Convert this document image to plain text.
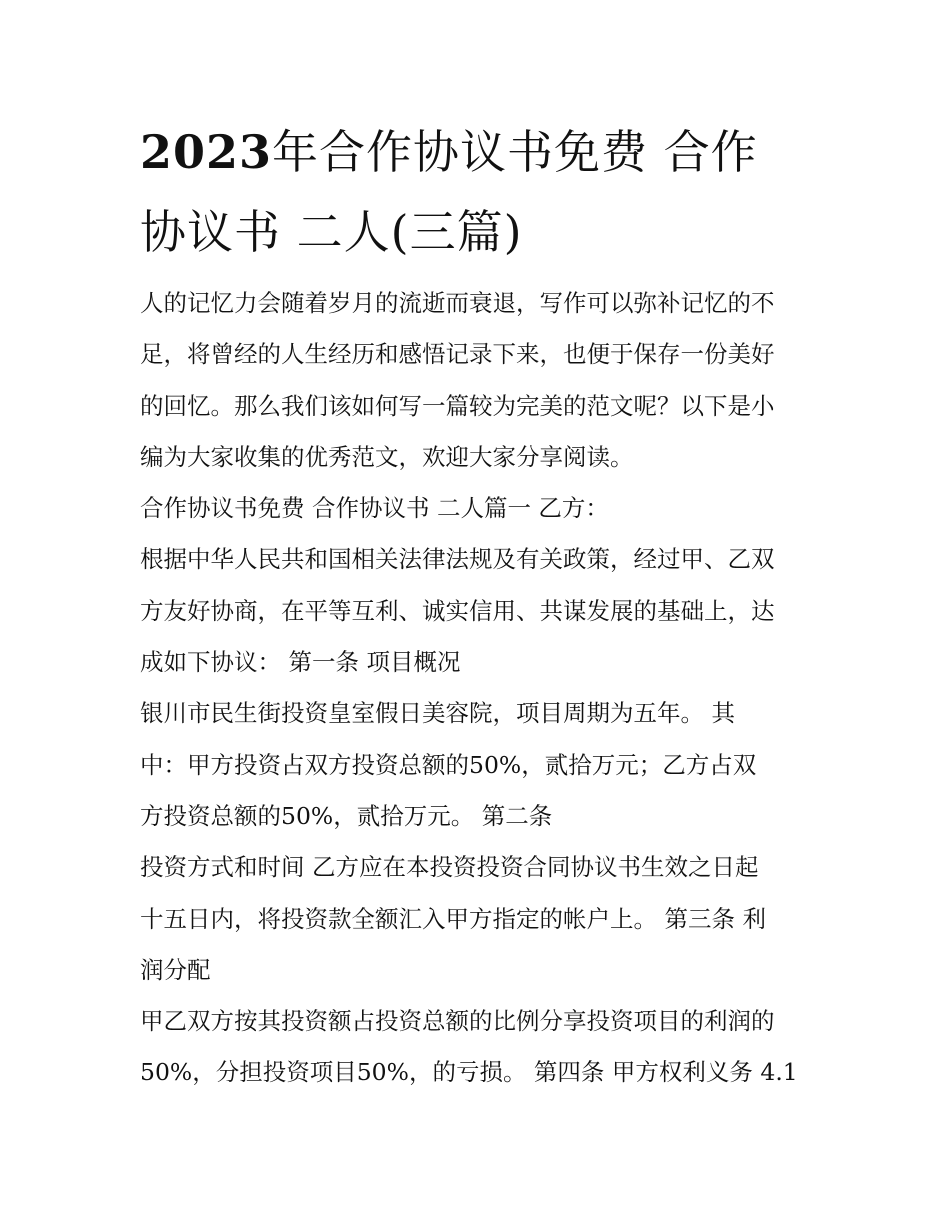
2023年合作协议书免费 合作
协议书 二人(三篇)
人的记忆力会随着岁月的流逝而衰退，写作可以弥补记忆的不
足，将曾经的人生经历和感悟记录下来，也便于保存一份美好
的回忆。那么我们该如何写一篇较为完美的范文呢？以下是小
编为大家收集的优秀范文，欢迎大家分享阅读。
合作协议书免费 合作协议书 二人篇一 乙方：
根据中华人民共和国相关法律法规及有关政策，经过甲、乙双
方友好协商，在平等互利、诚实信用、共谋发展的基础上，达
成如下协议： 第一条 项目概况
银川市民生街投资皇室假日美容院，项目周期为五年。 其
中：甲方投资占双方投资总额的50%，贰拾万元；乙方占双
方投资总额的50%，贰拾万元。 第二条
投资方式和时间 乙方应在本投资投资合同协议书生效之日起
十五日内，将投资款全额汇入甲方指定的帐户上。 第三条 利
润分配
甲乙双方按其投资额占投资总额的比例分享投资项目的利润的
50%，分担投资项目50%，的亏损。 第四条 甲方权利义务 4.1
